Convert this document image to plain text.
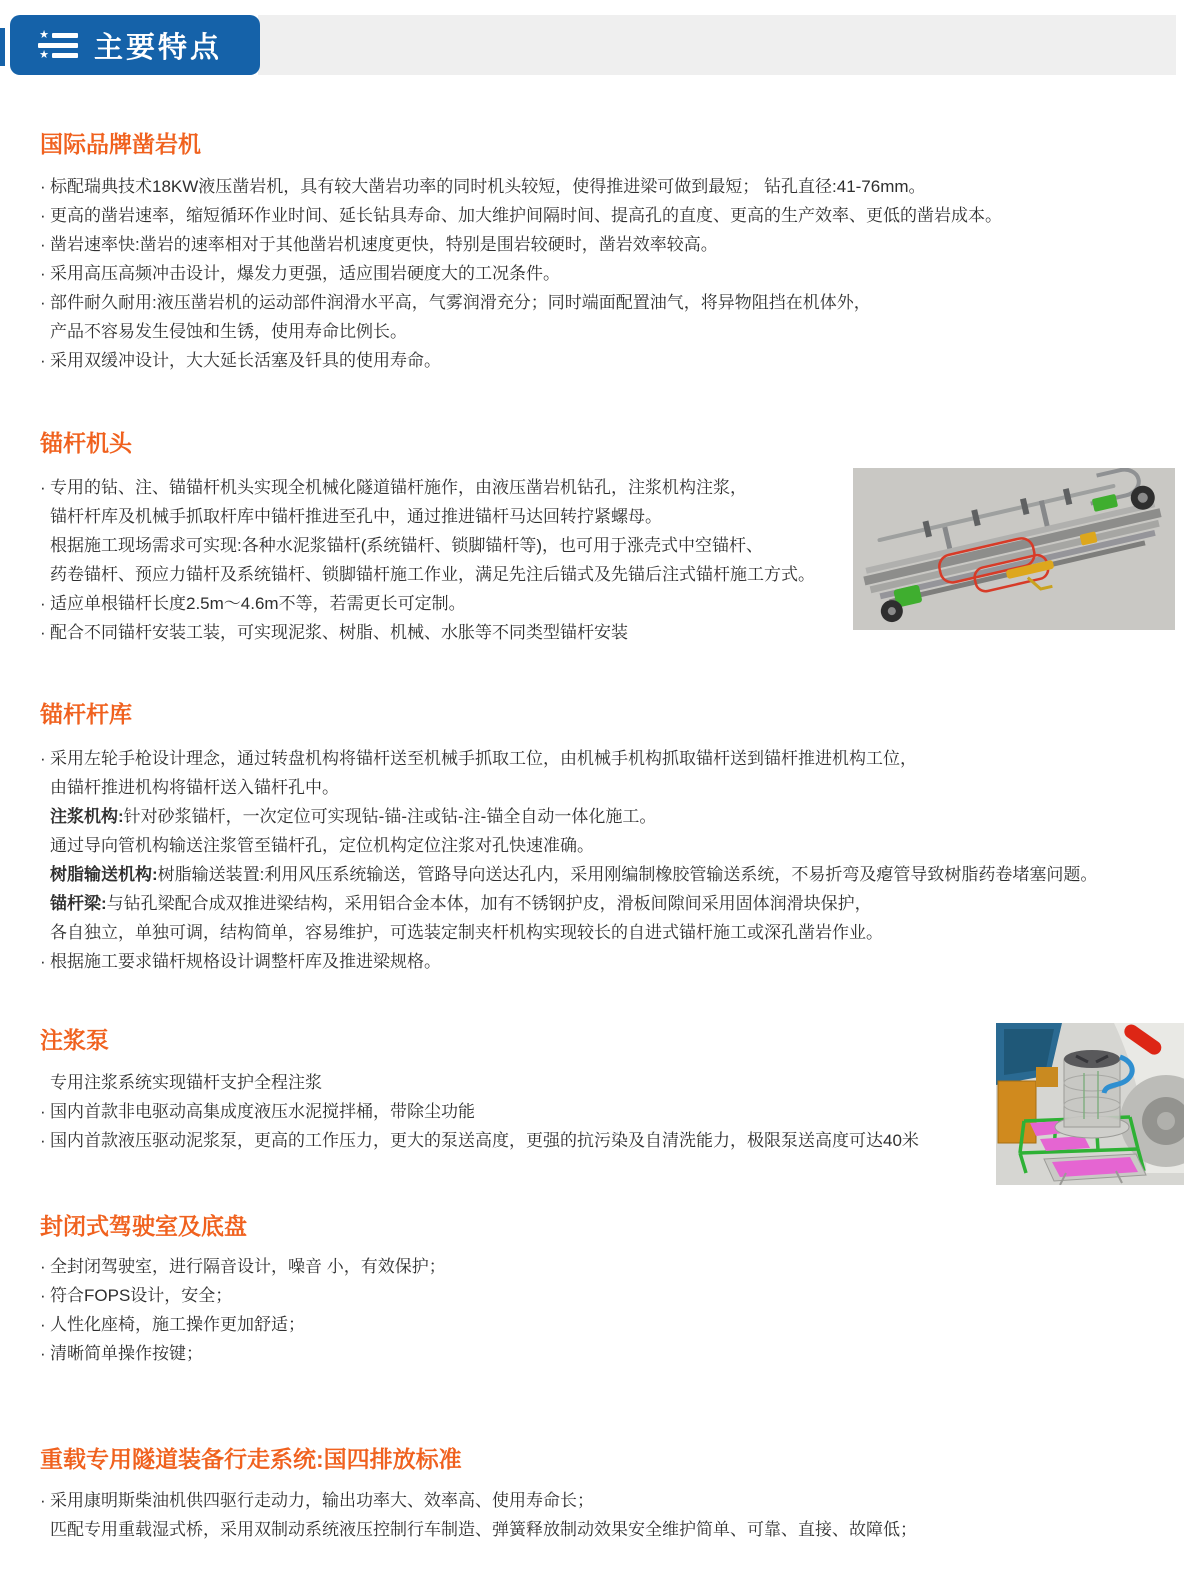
★
★ 主要特点
国际品牌凿岩机
· 标配瑞典技术18KW液压凿岩机，具有较大凿岩功率的同时机头较短，使得推进梁可做到最短； 钻孔直径:41-76mm。
· 更高的凿岩速率，缩短循环作业时间、延长钻具寿命、加大维护间隔时间、提高孔的直度、更高的生产效率、更低的凿岩成本。
· 凿岩速率快:凿岩的速率相对于其他凿岩机速度更快，特别是围岩较硬时，凿岩效率较高。
· 采用高压高频冲击设计，爆发力更强，适应围岩硬度大的工况条件。
· 部件耐久耐用:液压凿岩机的运动部件润滑水平高，气雾润滑充分；同时端面配置油气，将异物阻挡在机体外，
产品不容易发生侵蚀和生锈，使用寿命比例长。
· 采用双缓冲设计，大大延长活塞及钎具的使用寿命。
锚杆机头
· 专用的钻、注、锚锚杆机头实现全机械化隧道锚杆施作，由液压凿岩机钻孔，注浆机构注浆，
锚杆杆库及机械手抓取杆库中锚杆推进至孔中，通过推进锚杆马达回转拧紧螺母。
根据施工现场需求可实现:各种水泥浆锚杆(系统锚杆、锁脚锚杆等)，也可用于涨壳式中空锚杆、
药卷锚杆、预应力锚杆及系统锚杆、锁脚锚杆施工作业，满足先注后锚式及先锚后注式锚杆施工方式。
· 适应单根锚杆长度2.5m～4.6m不等，若需更长可定制。
· 配合不同锚杆安装工装，可实现泥浆、树脂、机械、水胀等不同类型锚杆安装
锚杆杆库
· 采用左轮手枪设计理念，通过转盘机构将锚杆送至机械手抓取工位，由机械手机构抓取锚杆送到锚杆推进机构工位，
由锚杆推进机构将锚杆送入锚杆孔中。
注浆机构:针对砂浆锚杆，一次定位可实现钻-锚-注或钻-注-锚全自动一体化施工。
通过导向管机构输送注浆管至锚杆孔，定位机构定位注浆对孔快速准确。
树脂输送机构:树脂输送装置:利用风压系统输送，管路导向送达孔内，采用刚编制橡胶管输送系统，不易折弯及瘪管导致树脂药卷堵塞问题。
锚杆梁:与钻孔梁配合成双推进梁结构，采用铝合金本体，加有不锈钢护皮，滑板间隙间采用固体润滑块保护，
各自独立，单独可调，结构简单，容易维护，可选装定制夹杆机构实现较长的自进式锚杆施工或深孔凿岩作业。
· 根据施工要求锚杆规格设计调整杆库及推进梁规格。
注浆泵
专用注浆系统实现锚杆支护全程注浆
· 国内首款非电驱动高集成度液压水泥搅拌桶，带除尘功能
· 国内首款液压驱动泥浆泵，更高的工作压力，更大的泵送高度，更强的抗污染及自清洗能力，极限泵送高度可达40米
封闭式驾驶室及底盘
· 全封闭驾驶室，进行隔音设计，噪音 小，有效保护；
· 符合FOPS设计，安全；
· 人性化座椅，施工操作更加舒适；
· 清晰简单操作按键；
重载专用隧道装备行走系统:国四排放标准
· 采用康明斯柴油机供四驱行走动力，输出功率大、效率高、使用寿命长；
匹配专用重载湿式桥，采用双制动系统液压控制行车制造、弹簧释放制动效果安全维护简单、可靠、直接、故障低；
